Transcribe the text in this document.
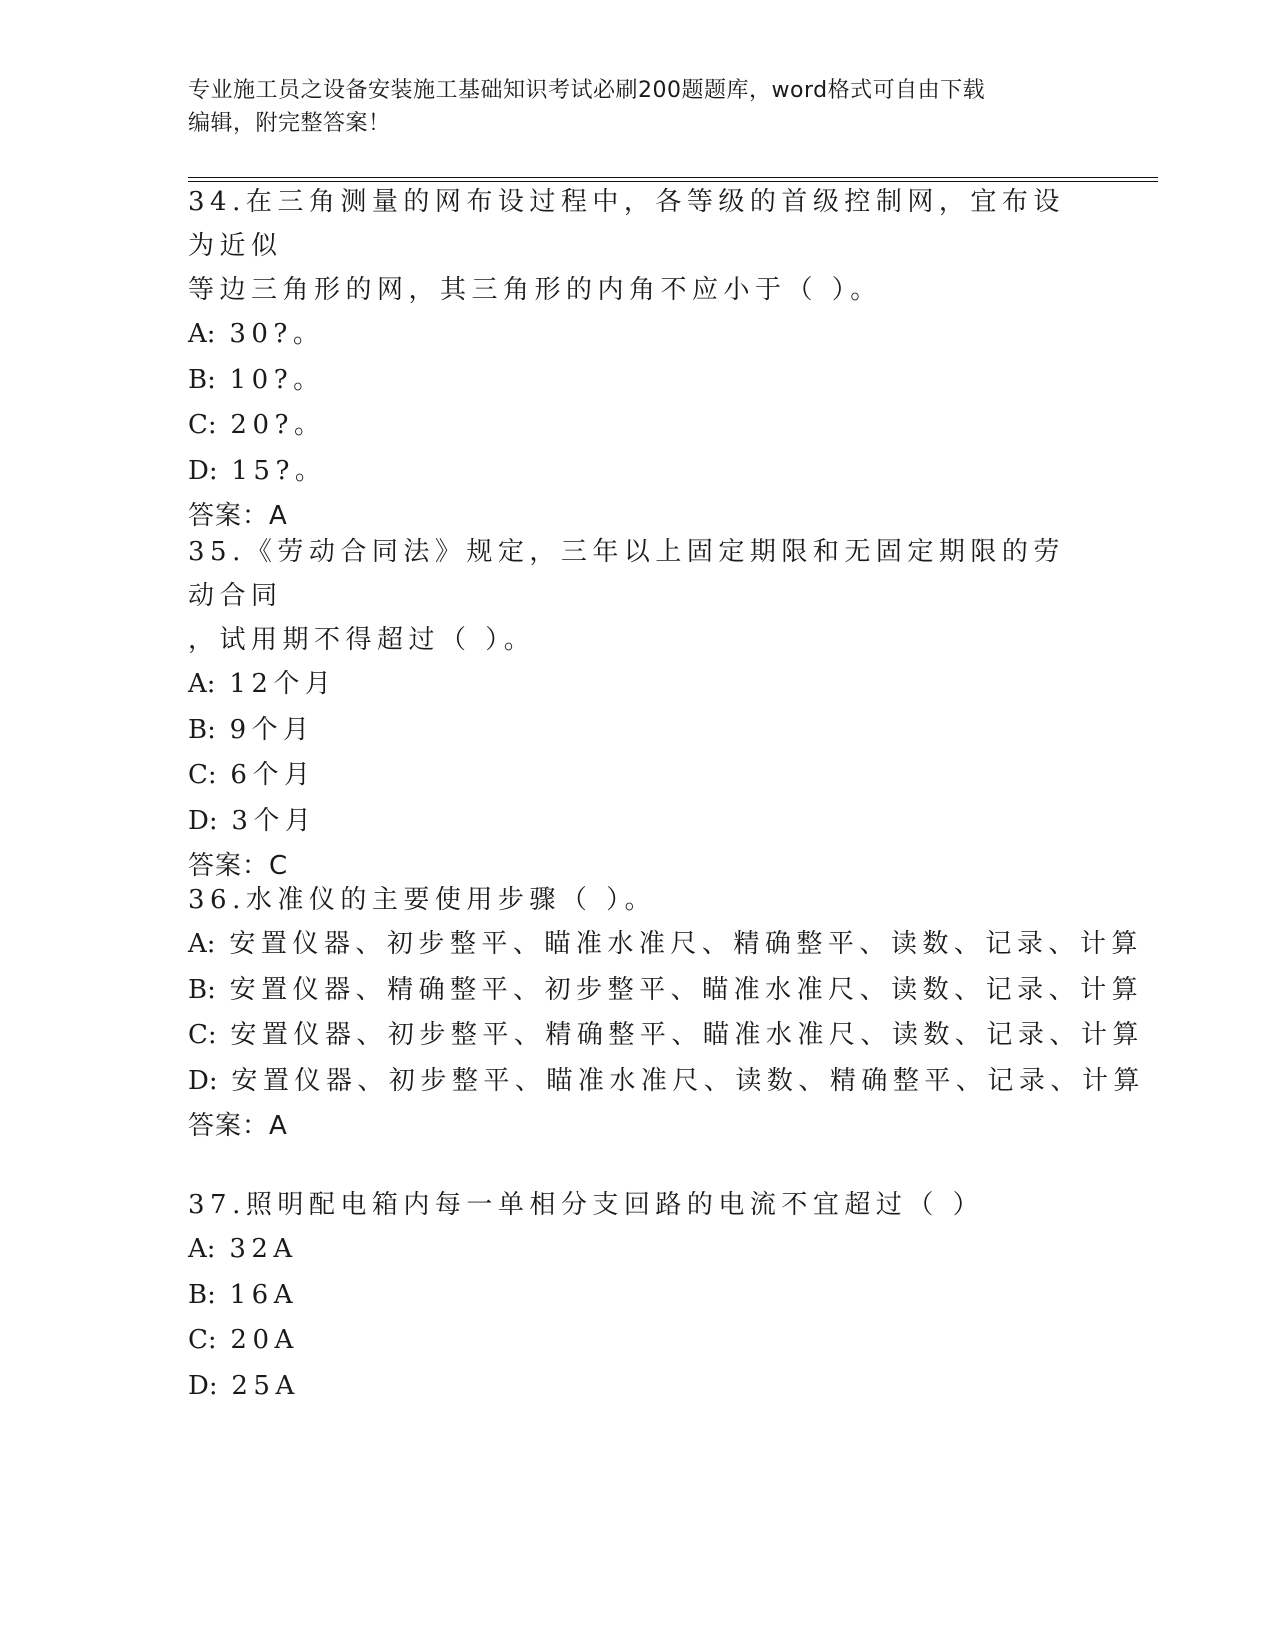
专业施工员之设备安装施工基础知识考试必刷200题题库，word格式可自由下载
编辑，附完整答案！

34.在三角测量的网布设过程中，各等级的首级控制网，宜布设为近似

等边三角形的网，其三角形的内角不应小于（ ）。

A: 30?。

B: 10?。

C: 20?。

D: 15?。

答案：A

35.《劳动合同法》规定，三年以上固定期限和无固定期限的劳动合同

，试用期不得超过（ ）。

A: 12个月

B: 9个月

C: 6个月

D: 3个月

答案：C

36.水准仪的主要使用步骤（ ）。

A: 安置仪器、初步整平、瞄准水准尺、精确整平、读数、记录、计算

B: 安置仪器、精确整平、初步整平、瞄准水准尺、读数、记录、计算

C: 安置仪器、初步整平、精确整平、瞄准水准尺、读数、记录、计算

D: 安置仪器、初步整平、瞄准水准尺、读数、精确整平、记录、计算

答案：A

37.照明配电箱内每一单相分支回路的电流不宜超过（ ）

A: 32A

B: 16A

C: 20A

D: 25A
